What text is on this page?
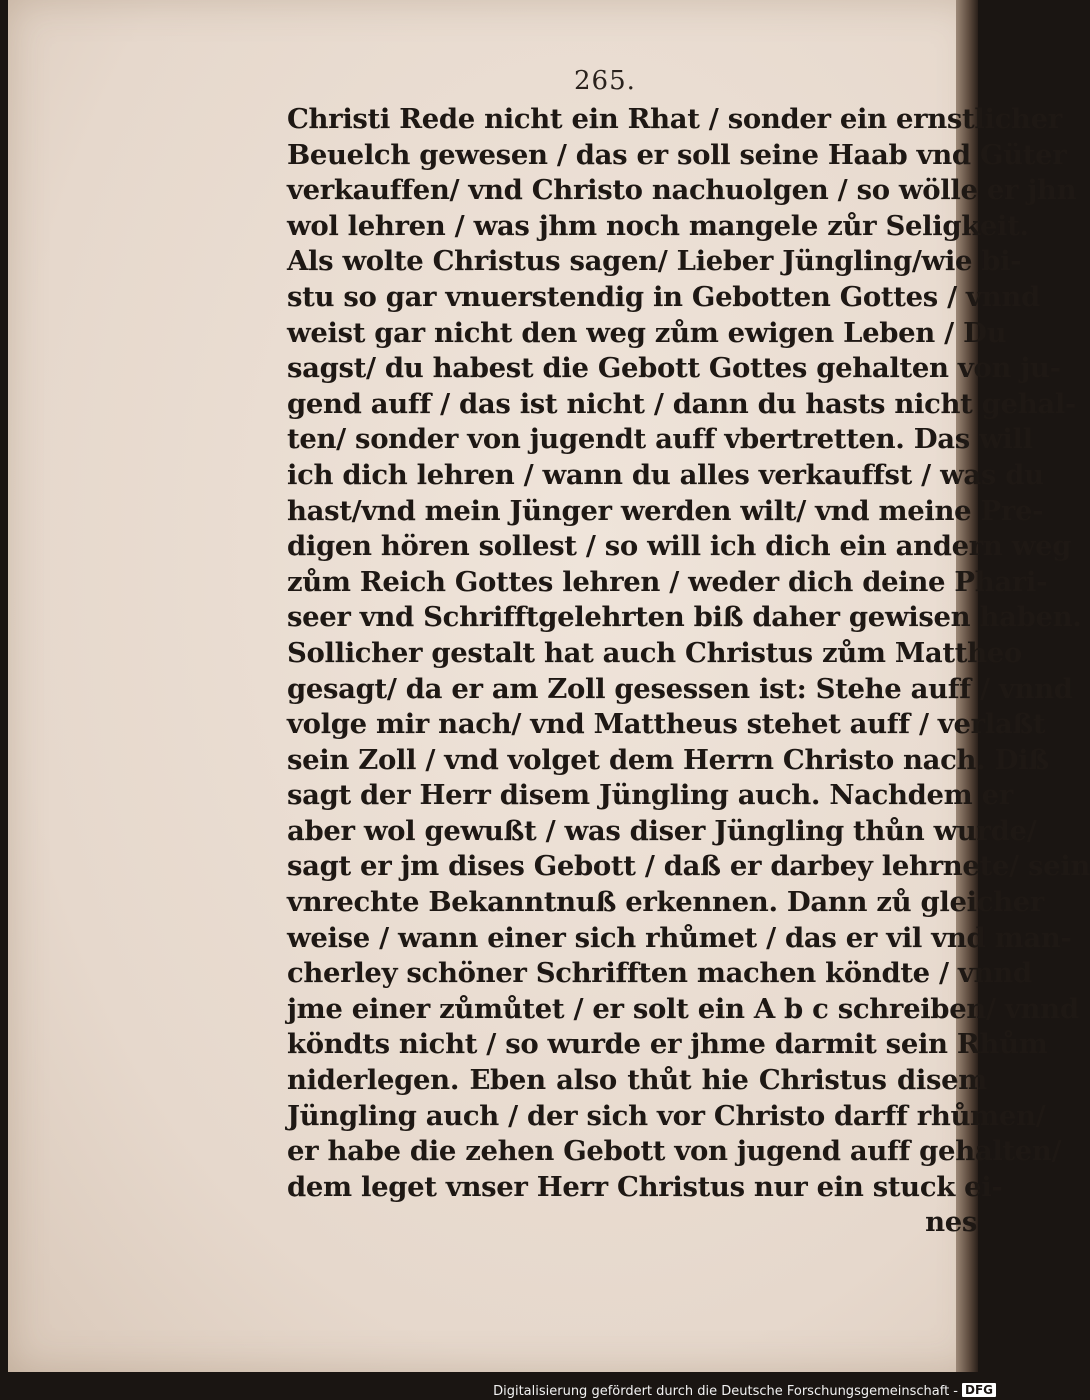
265.
Christi Rede nicht ein Rhat / sonder ein ernstlicher
Beuelch gewesen / das er soll seine Haab vnd Güter
verkauffen/ vnd Christo nachuolgen / so wölle er jhn
wol lehren / was jhm noch mangele zůr Seligkeit.
Als wolte Christus sagen/ Lieber Jüngling/wie bi-
stu so gar vnuerstendig in Gebotten Gottes / vnnd
weist gar nicht den weg zům ewigen Leben / Du
sagst/ du habest die Gebott Gottes gehalten von ju-
gend auff / das ist nicht / dann du hasts nicht gehal-
ten/ sonder von jugendt auff vbertretten. Das will
ich dich lehren / wann du alles verkauffst / was du
hast/vnd mein Jünger werden wilt/ vnd meine Pre-
digen hören sollest / so will ich dich ein andern weg
zům Reich Gottes lehren / weder dich deine Phari-
seer vnd Schrifftgelehrten biß daher gewisen haben.
Sollicher gestalt hat auch Christus zům Mattheo
gesagt/ da er am Zoll gesessen ist: Stehe auff / vnnd
volge mir nach/ vnd Mattheus stehet auff / verlaßt
sein Zoll / vnd volget dem Herrn Christo nach. Diß
sagt der Herr disem Jüngling auch. Nachdem er
aber wol gewußt / was diser Jüngling thůn wurde/
sagt er jm dises Gebott / daß er darbey lehrnete/ sein
vnrechte Bekanntnuß erkennen. Dann zů gleicher
weise / wann einer sich rhůmet / das er vil vnd man-
cherley schöner Schrifften machen köndte / vnnd
jme einer zůmůtet / er solt ein A b c schreiben/ vnnd
köndts nicht / so wurde er jhme darmit sein Rhům
niderlegen. Eben also thůt hie Christus disem
Jüngling auch / der sich vor Christo darff rhůmen/
er habe die zehen Gebott von jugend auff gehalten/
dem leget vnser Herr Christus nur ein stuck ei-
nes
Digitalisierung gefördert durch die Deutsche Forschungsgemeinschaft - DFG
